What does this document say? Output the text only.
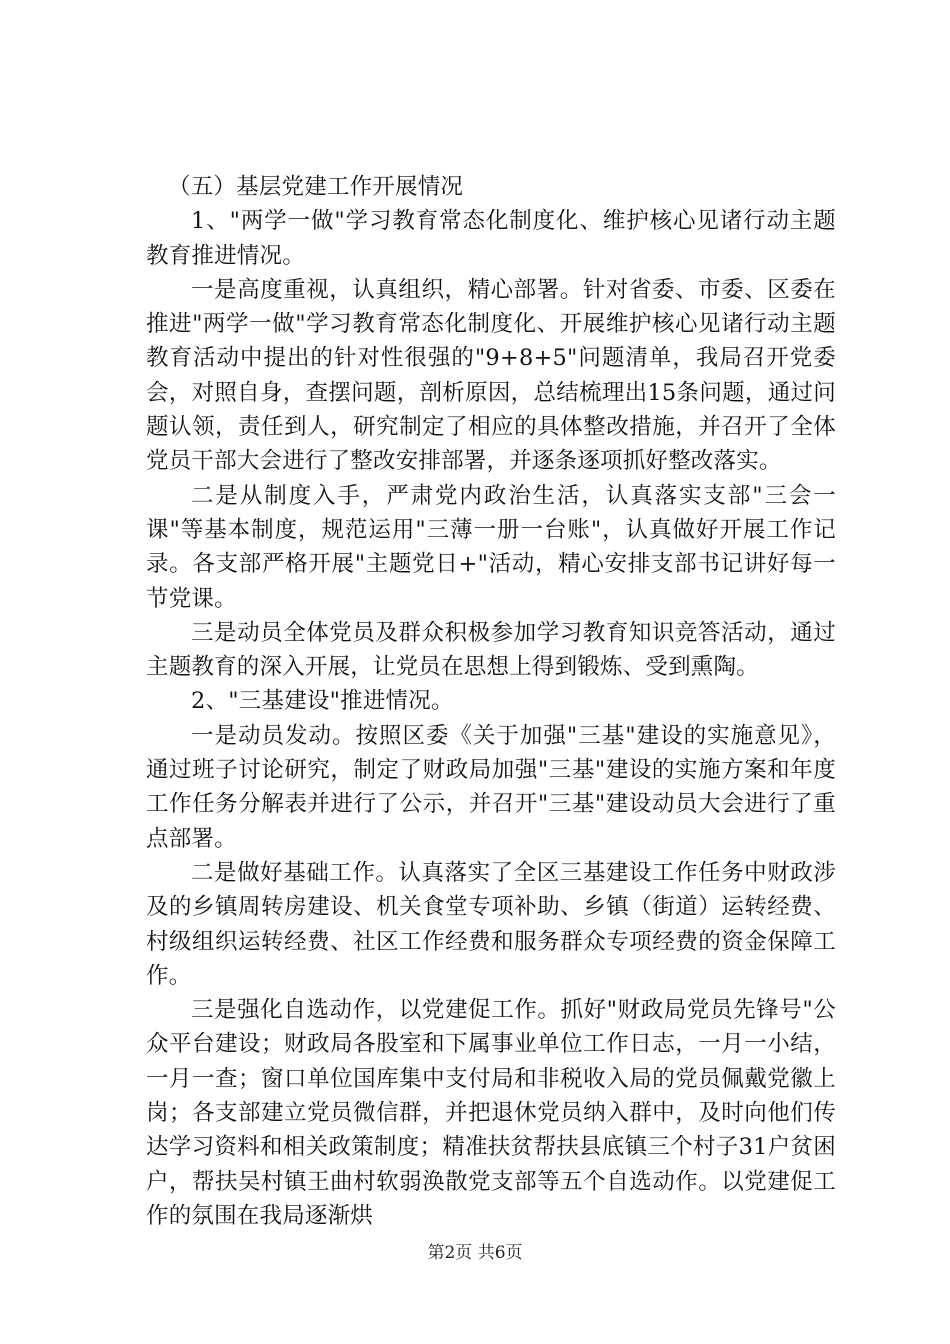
（五）基层党建工作开展情况

1、"两学一做"学习教育常态化制度化、维护核心见诸行动主题教育推进情况。

一是高度重视，认真组织，精心部署。针对省委、市委、区委在推进"两学一做"学习教育常态化制度化、开展维护核心见诸行动主题教育活动中提出的针对性很强的"9+8+5"问题清单，我局召开党委会，对照自身，查摆问题，剖析原因，总结梳理出15条问题，通过问题认领，责任到人，研究制定了相应的具体整改措施，并召开了全体党员干部大会进行了整改安排部署，并逐条逐项抓好整改落实。

二是从制度入手，严肃党内政治生活，认真落实支部"三会一课"等基本制度，规范运用"三薄一册一台账"，认真做好开展工作记录。各支部严格开展"主题党日+"活动，精心安排支部书记讲好每一节党课。

三是动员全体党员及群众积极参加学习教育知识竞答活动，通过主题教育的深入开展，让党员在思想上得到锻炼、受到熏陶。

2、"三基建设"推进情况。

一是动员发动。按照区委《关于加强"三基"建设的实施意见》，通过班子讨论研究，制定了财政局加强"三基"建设的实施方案和年度工作任务分解表并进行了公示，并召开"三基"建设动员大会进行了重点部署。

二是做好基础工作。认真落实了全区三基建设工作任务中财政涉及的乡镇周转房建设、机关食堂专项补助、乡镇（街道）运转经费、村级组织运转经费、社区工作经费和服务群众专项经费的资金保障工作。

三是强化自选动作，以党建促工作。抓好"财政局党员先锋号"公众平台建设；财政局各股室和下属事业单位工作日志，一月一小结，一月一查；窗口单位国库集中支付局和非税收入局的党员佩戴党徽上岗；各支部建立党员微信群，并把退休党员纳入群中，及时向他们传达学习资料和相关政策制度；精准扶贫帮扶县底镇三个村子31户贫困户，帮扶吴村镇王曲村软弱涣散党支部等五个自选动作。以党建促工作的氛围在我局逐渐烘

第2页 共6页
